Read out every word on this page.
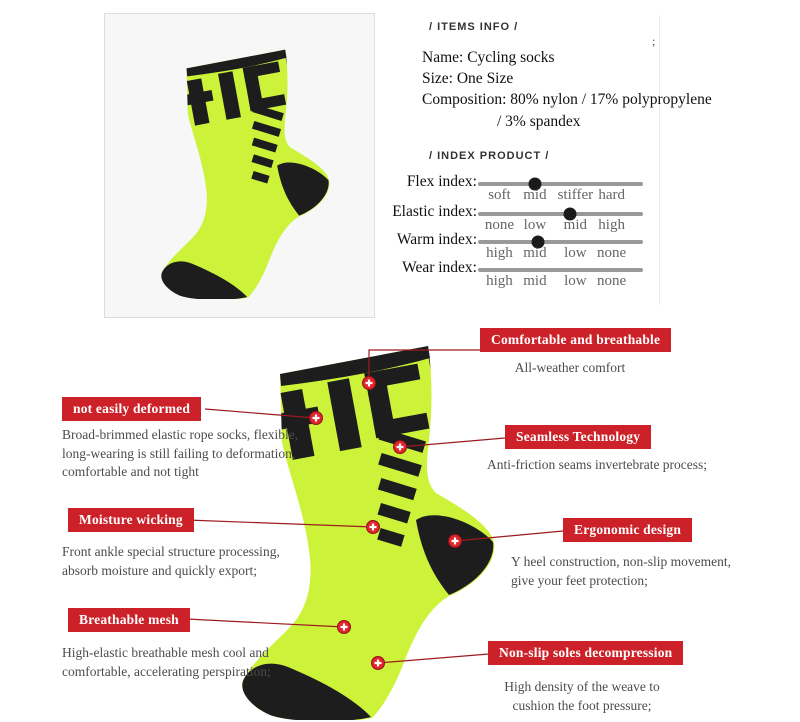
;
/ ITEMS INFO /
Name: Cycling socks
Size: One Size
Composition: 80% nylon / 17% polypropylene
/ 3% spandex
/ INDEX PRODUCT /
Flex index:
soft mid stiffer hard
Elastic index:
none low mid high
Warm index:
high mid low none
Wear index:
high mid low none
Comfortable and breathable
All-weather comfort
not easily deformed
Broad-brimmed elastic rope socks, flexible, long-wearing is still failing to deformation, comfortable and not tight
Seamless Technology
Anti-friction seams invertebrate process;
Moisture wicking
Front ankle special structure processing, absorb moisture and quickly export;
Ergonomic design
Y heel construction, non-slip movement, give your feet protection;
Breathable mesh
High-elastic breathable mesh cool and comfortable, accelerating perspiration;
Non-slip soles decompression
High density of the weave to cushion the foot pressure;
